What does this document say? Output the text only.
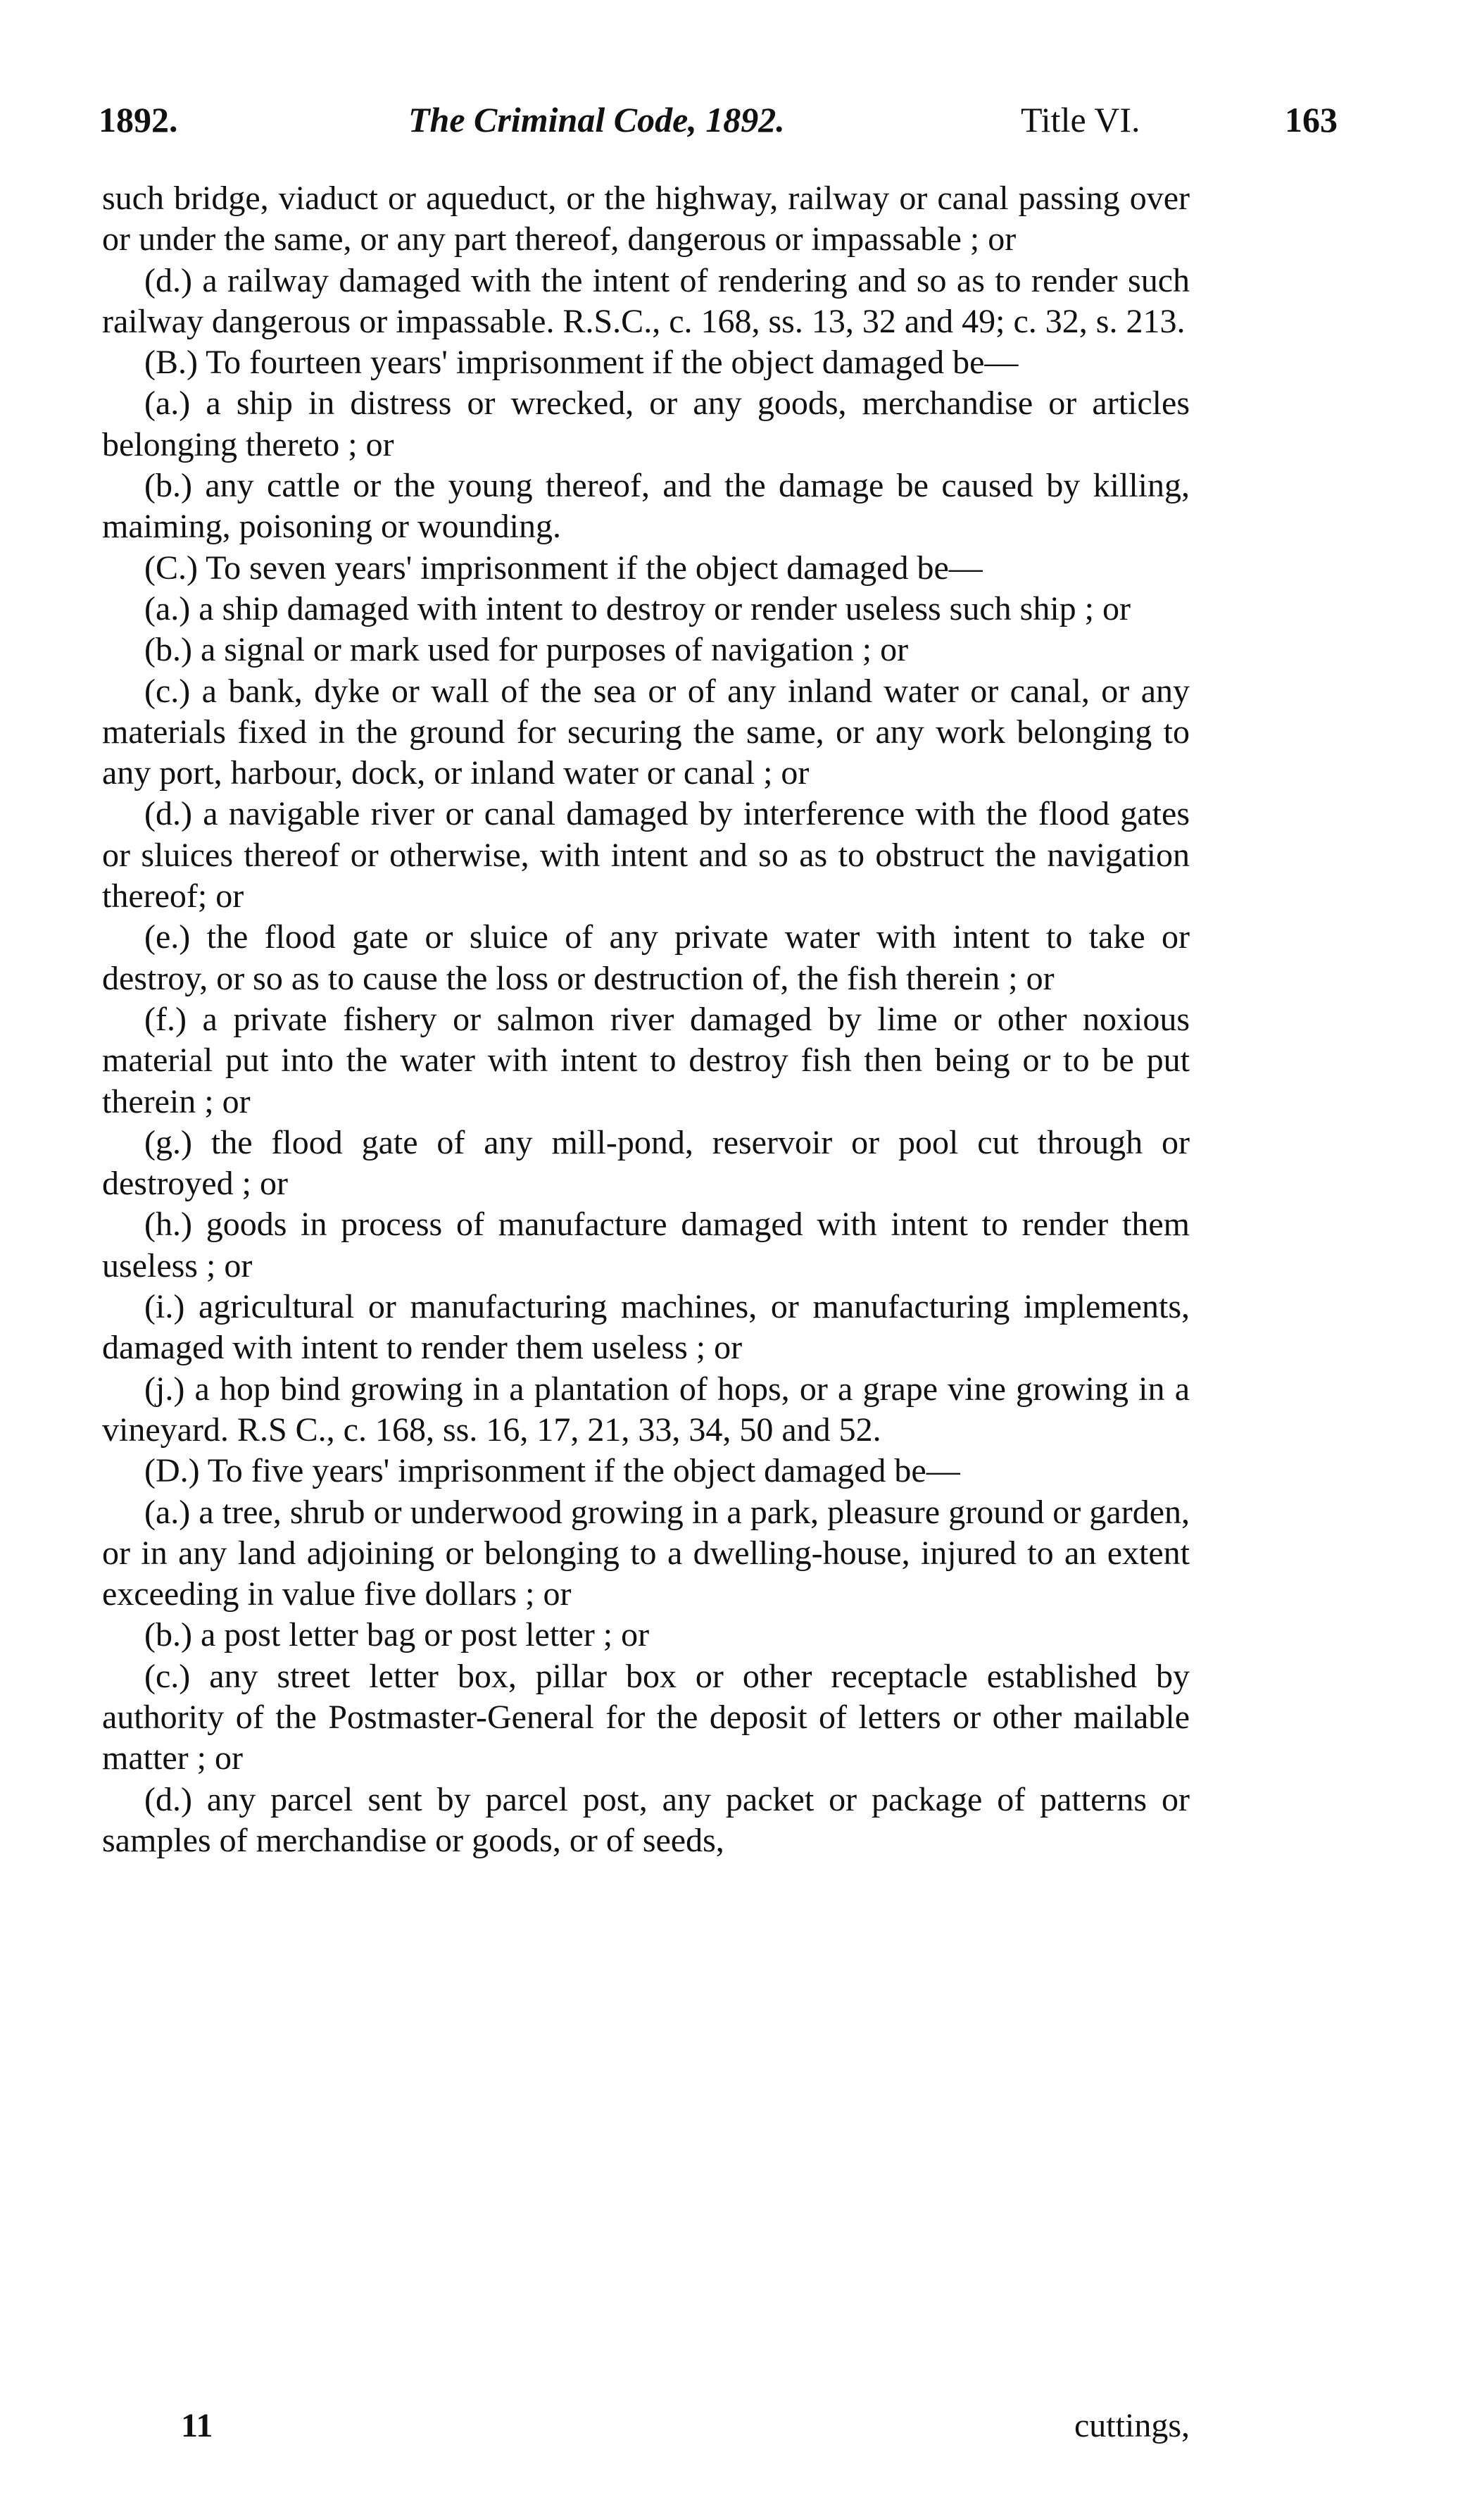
1892.	The Criminal Code, 1892.	Title VI.	163

such bridge, viaduct or aqueduct, or the highway, railway or canal passing over or under the same, or any part thereof, dangerous or impassable ; or

(d.) a railway damaged with the intent of rendering and so as to render such railway dangerous or impassable. R.S.C., c. 168, ss. 13, 32 and 49; c. 32, s. 213.

(B.) To fourteen years' imprisonment if the object damaged be—

(a.) a ship in distress or wrecked, or any goods, merchandise or articles belonging thereto ; or

(b.) any cattle or the young thereof, and the damage be caused by killing, maiming, poisoning or wounding.

(C.) To seven years' imprisonment if the object damaged be—

(a.) a ship damaged with intent to destroy or render useless such ship ; or

(b.) a signal or mark used for purposes of navigation ; or

(c.) a bank, dyke or wall of the sea or of any inland water or canal, or any materials fixed in the ground for securing the same, or any work belonging to any port, harbour, dock, or inland water or canal ; or

(d.) a navigable river or canal damaged by interference with the flood gates or sluices thereof or otherwise, with intent and so as to obstruct the navigation thereof; or

(e.) the flood gate or sluice of any private water with intent to take or destroy, or so as to cause the loss or destruction of, the fish therein ; or

(f.) a private fishery or salmon river damaged by lime or other noxious material put into the water with intent to destroy fish then being or to be put therein ; or

(g.) the flood gate of any mill-pond, reservoir or pool cut through or destroyed ; or

(h.) goods in process of manufacture damaged with intent to render them useless ; or

(i.) agricultural or manufacturing machines, or manufacturing implements, damaged with intent to render them useless ; or

(j.) a hop bind growing in a plantation of hops, or a grape vine growing in a vineyard. R.S C., c. 168, ss. 16, 17, 21, 33, 34, 50 and 52.

(D.) To five years' imprisonment if the object damaged be—

(a.) a tree, shrub or underwood growing in a park, pleasure ground or garden, or in any land adjoining or belonging to a dwelling-house, injured to an extent exceeding in value five dollars ; or

(b.) a post letter bag or post letter ; or

(c.) any street letter box, pillar box or other receptacle established by authority of the Postmaster-General for the deposit of letters or other mailable matter ; or

(d.) any parcel sent by parcel post, any packet or package of patterns or samples of merchandise or goods, or of seeds,

11	cuttings,
